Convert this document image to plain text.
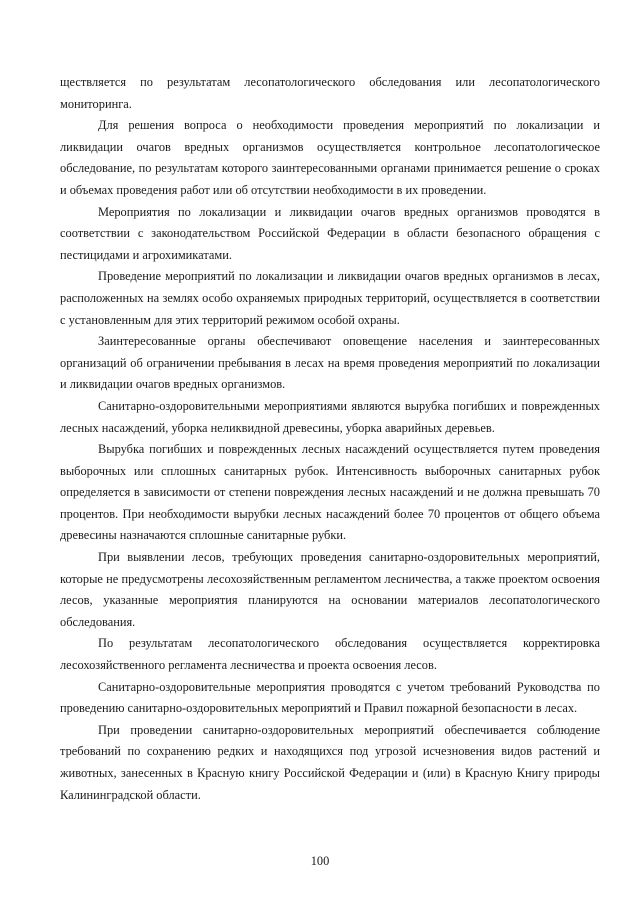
ществляется по результатам лесопатологического обследования или лесопатологического мониторинга.

Для решения вопроса о необходимости проведения мероприятий по локализации и ликвидации очагов вредных организмов осуществляется контрольное лесопатологическое обследование, по результатам которого заинтересованными органами принимается решение о сроках и объемах проведения работ или об отсутствии необходимости в их проведении.

Мероприятия по локализации и ликвидации очагов вредных организмов проводятся в соответствии с законодательством Российской Федерации в области безопасного обращения с пестицидами и агрохимикатами.

Проведение мероприятий по локализации и ликвидации очагов вредных организмов в лесах, расположенных на землях особо охраняемых природных территорий, осуществляется в соответствии с установленным для этих территорий режимом особой охраны.

Заинтересованные органы обеспечивают оповещение населения и заинтересованных организаций об ограничении пребывания в лесах на время проведения мероприятий по локализации и ликвидации очагов вредных организмов.

Санитарно-оздоровительными мероприятиями являются вырубка погибших и поврежденных лесных насаждений, уборка неликвидной древесины, уборка аварийных деревьев.

Вырубка погибших и поврежденных лесных насаждений осуществляется путем проведения выборочных или сплошных санитарных рубок. Интенсивность выборочных санитарных рубок определяется в зависимости от степени повреждения лесных насаждений и не должна превышать 70 процентов. При необходимости вырубки лесных насаждений более 70 процентов от общего объема древесины назначаются сплошные санитарные рубки.

При выявлении лесов, требующих проведения санитарно-оздоровительных мероприятий, которые не предусмотрены лесохозяйственным регламентом лесничества, а также проектом освоения лесов, указанные мероприятия планируются на основании материалов лесопатологического обследования.

По результатам лесопатологического обследования осуществляется корректировка лесохозяйственного регламента лесничества и проекта освоения лесов.

Санитарно-оздоровительные мероприятия проводятся с учетом требований Руководства по проведению санитарно-оздоровительных мероприятий и Правил пожарной безопасности в лесах.

При проведении санитарно-оздоровительных мероприятий обеспечивается соблюдение требований по сохранению редких и находящихся под угрозой исчезновения видов растений и животных, занесенных в Красную книгу Российской Федерации и (или) в Красную Книгу природы Калининградской области.

100
